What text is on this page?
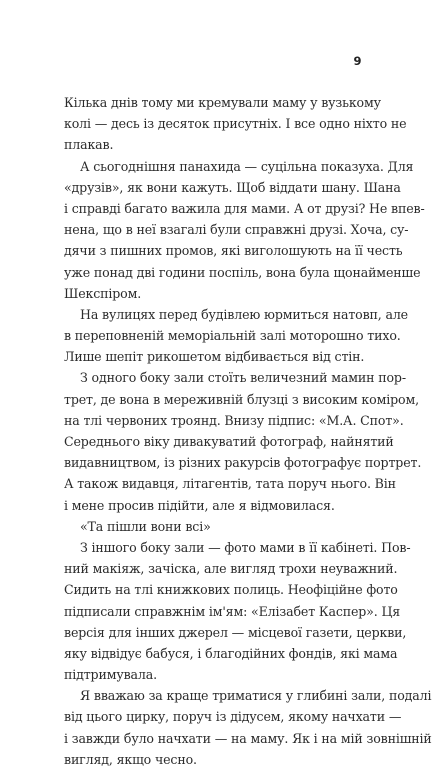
9
Кілька днів тому ми кремували маму у вузькому
колі — десь із десяток присутніх. І все одно ніхто не
плакав.
А сьогоднішня панахида — суцільна показуха. Для
«друзів», як вони кажуть. Щоб віддати шану. Шана
і справді багато важила для мами. А от друзі? Не впев-
нена, що в неї взагалі були справжні друзі. Хоча, су-
дячи з пишних промов, які виголошують на її честь
уже понад дві години поспіль, вона була щонайменше
Шекспіром.
На вулицях перед будівлею юрмиться натовп, але
в переповненій меморіальній залі моторошно тихо.
Лише шепіт рикошетом відбивається від стін.
З одного боку зали стоїть величезний мамин пор-
трет, де вона в мереживній блузці з високим коміром,
на тлі червоних троянд. Внизу підпис: «М.А. Спот».
Середнього віку дивакуватий фотограф, найнятий
видавництвом, із різних ракурсів фотографує портрет.
А також видавця, літагентів, тата поруч нього. Він
і мене просив підійти, але я відмовилася.
«Та пішли вони всі»
З іншого боку зали — фото мами в її кабінеті. Пов-
ний макіяж, зачіска, але вигляд трохи неуважний.
Сидить на тлі книжкових полиць. Неофіційне фото
підписали справжнім ім'ям: «Елізабет Каспер». Ця
версія для інших джерел — місцевої газети, церкви,
яку відвідує бабуся, і благодійних фондів, які мама
підтримувала.
Я вважаю за краще триматися у глибині зали, подалі
від цього цирку, поруч із дідусем, якому начхати —
і завжди було начхати — на маму. Як і на мій зовнішній
вигляд, якщо чесно.
